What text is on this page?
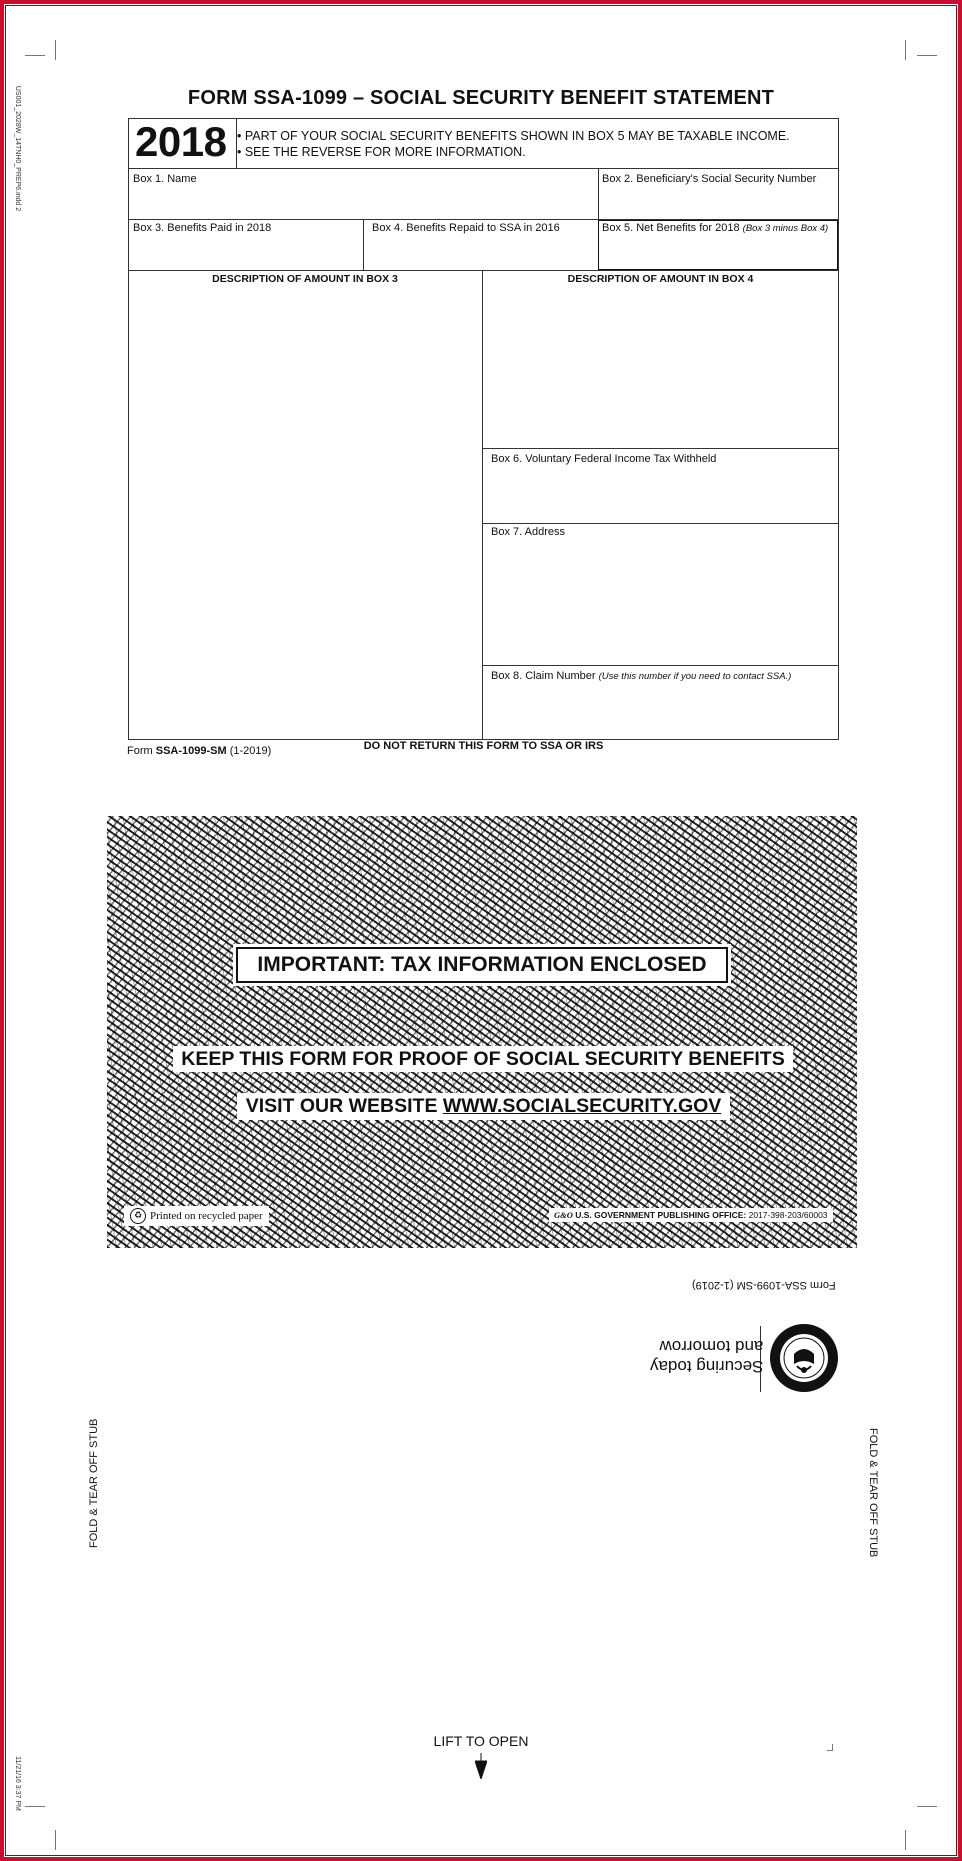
US001_2028W_14TNH0_PREP6.indd 2
11/21/16 3:37 PM
FORM SSA-1099 – SOCIAL SECURITY BENEFIT STATEMENT
2018 • PART OF YOUR SOCIAL SECURITY BENEFITS SHOWN IN BOX 5 MAY BE TAXABLE INCOME.
• SEE THE REVERSE FOR MORE INFORMATION.
Box 1. Name	Box 2. Beneficiary's Social Security Number
Box 3. Benefits Paid in 2018	Box 4. Benefits Repaid to SSA in 2016	Box 5. Net Benefits for 2018 (Box 3 minus Box 4)
DESCRIPTION OF AMOUNT IN BOX 3	DESCRIPTION OF AMOUNT IN BOX 4
Box 6. Voluntary Federal Income Tax Withheld
Box 7. Address
Box 8. Claim Number (Use this number if you need to contact SSA.)
Form SSA-1099-SM (1-2019)	DO NOT RETURN THIS FORM TO SSA OR IRS
IMPORTANT: TAX INFORMATION ENCLOSED
KEEP THIS FORM FOR PROOF OF SOCIAL SECURITY BENEFITS
VISIT OUR WEBSITE WWW.SOCIALSECURITY.GOV
♻ Printed on recycled paper	G&O U.S. GOVERNMENT PUBLISHING OFFICE: 2017-398-203/60003
Form SSA-1099-SM (1-2019)
Securing today
and tomorrow
FOLD & TEAR OFF STUB	FOLD & TEAR OFF STUB
LIFT TO OPEN
